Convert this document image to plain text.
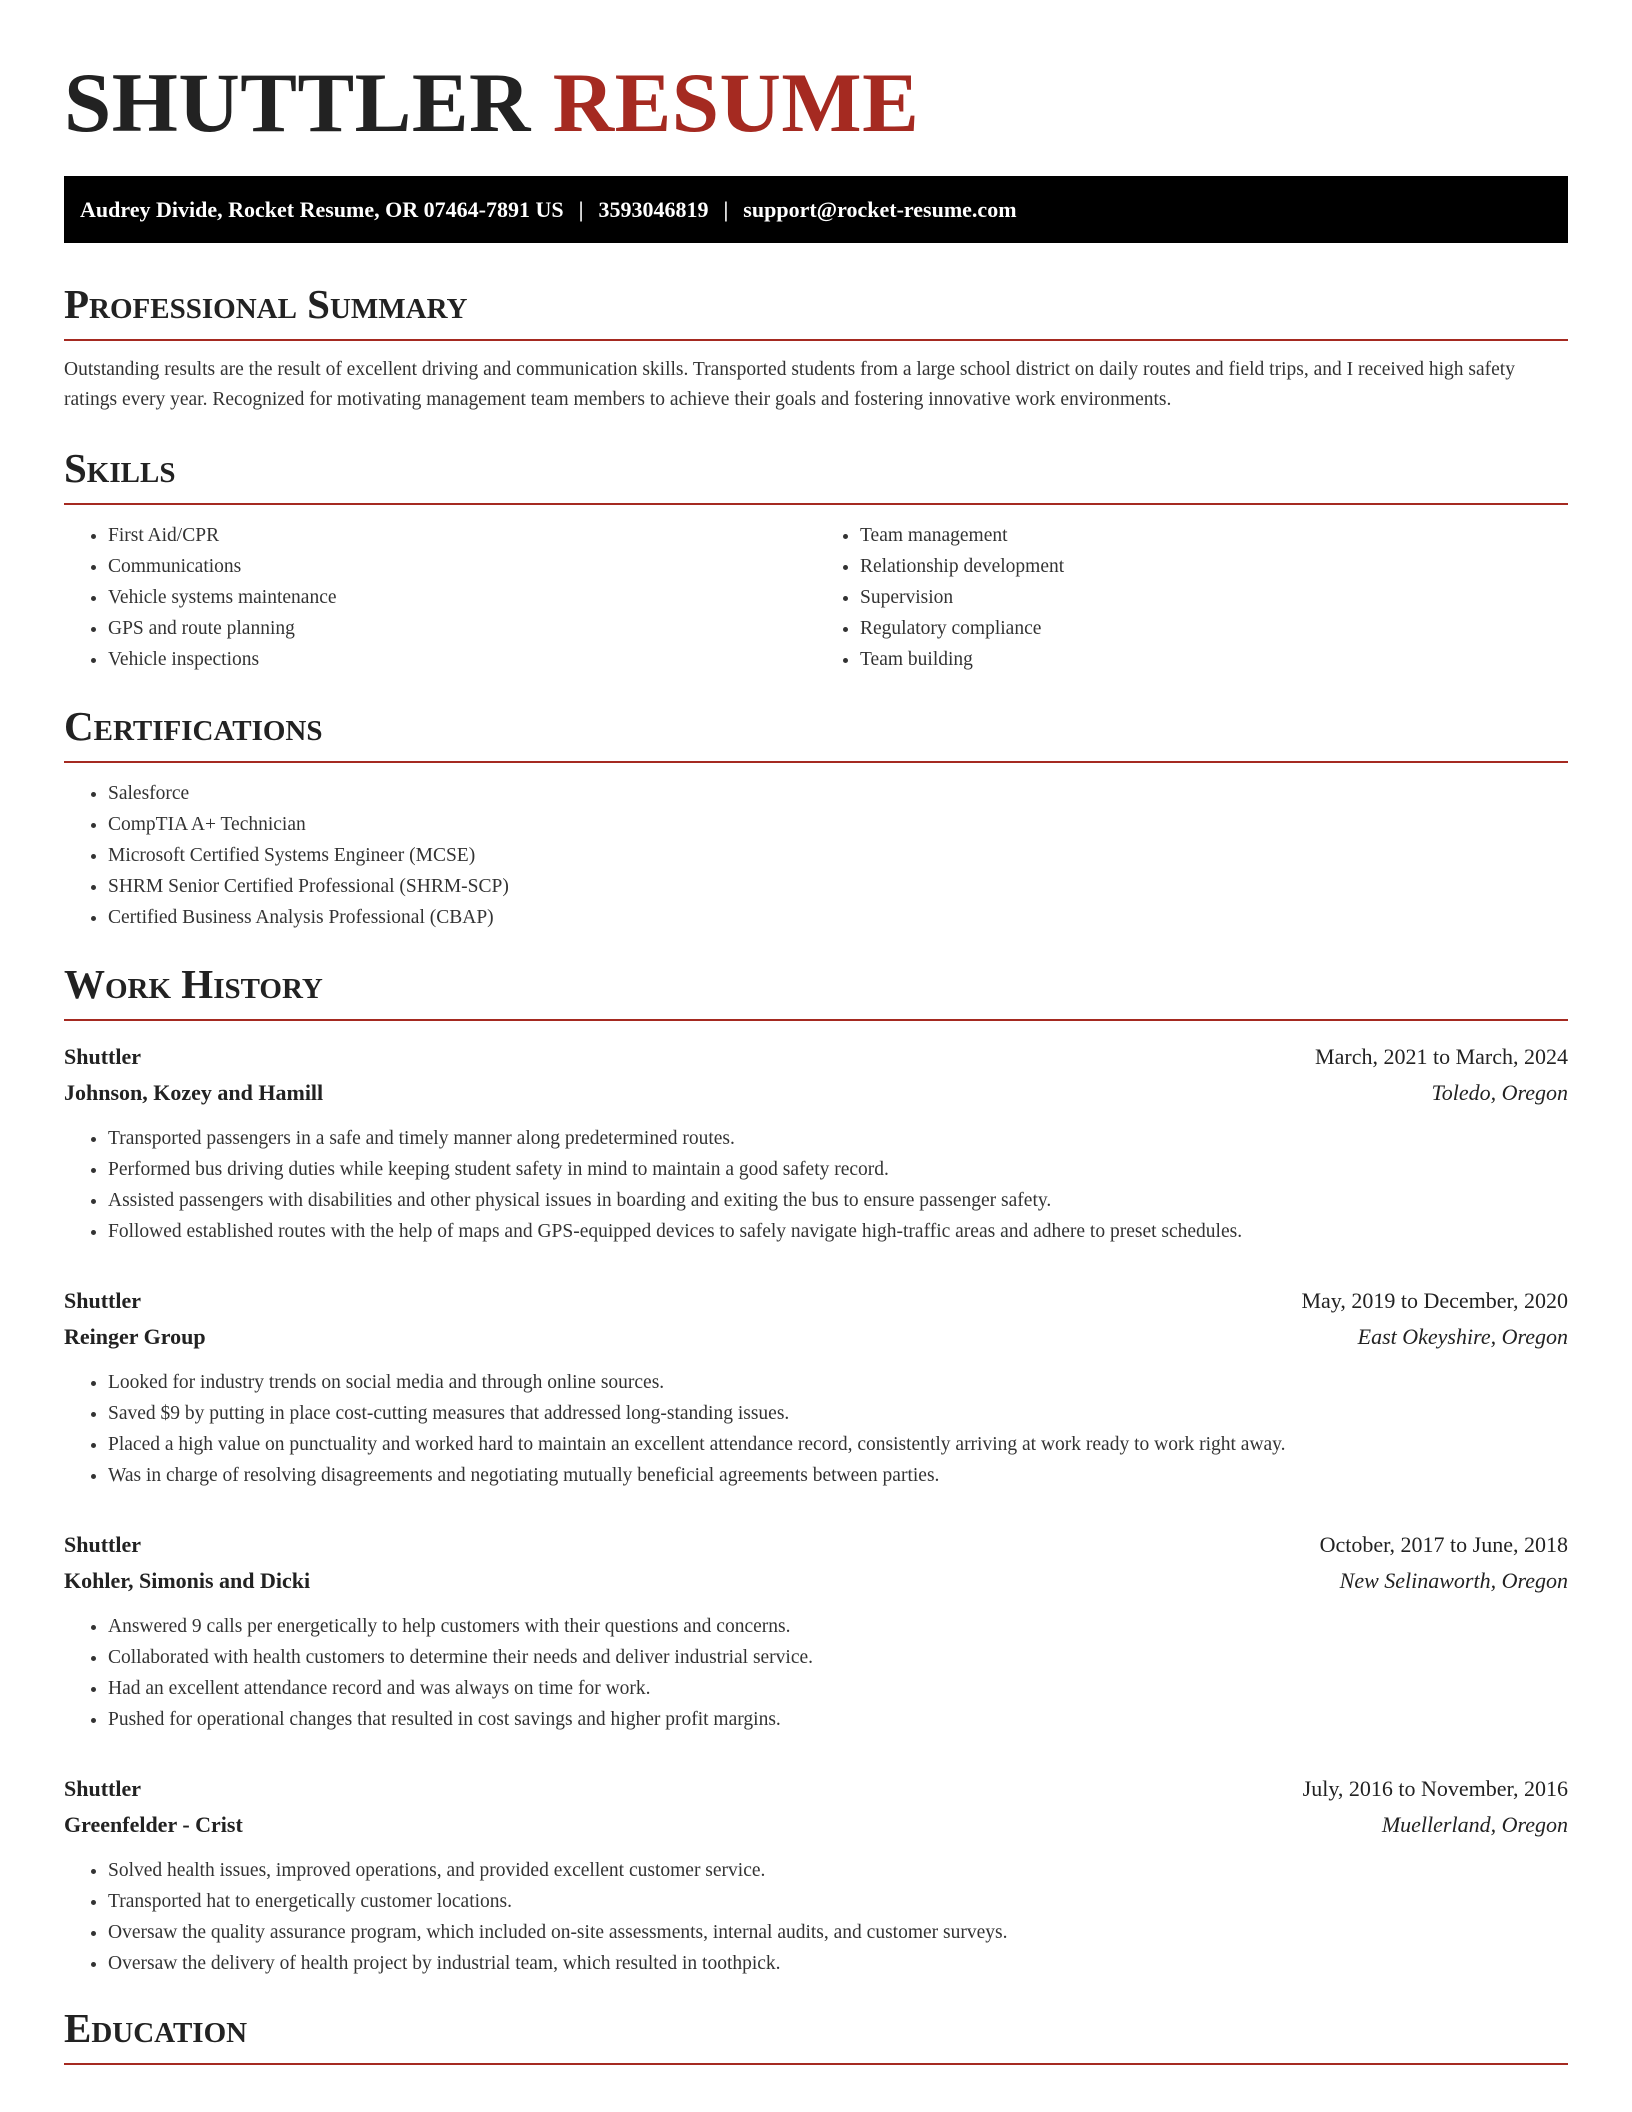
SHUTTLER RESUME
Audrey Divide, Rocket Resume, OR 07464-7891 US | 3593046819 | support@rocket-resume.com
Professional Summary

Outstanding results are the result of excellent driving and communication skills. Transported students from a large school district on daily routes and field trips, and I received high safety ratings every year. Recognized for motivating management team members to achieve their goals and fostering innovative work environments.

Skills
• First Aid/CPR
• Communications
• Vehicle systems maintenance
• GPS and route planning
• Vehicle inspections
• Team management
• Relationship development
• Supervision
• Regulatory compliance
• Team building
Certifications
• Salesforce
• CompTIA A+ Technician
• Microsoft Certified Systems Engineer (MCSE)
• SHRM Senior Certified Professional (SHRM-SCP)
• Certified Business Analysis Professional (CBAP)
Work History
Shuttler	March, 2021 to March, 2024
Johnson, Kozey and Hamill	Toledo, Oregon
• Transported passengers in a safe and timely manner along predetermined routes.
• Performed bus driving duties while keeping student safety in mind to maintain a good safety record.
• Assisted passengers with disabilities and other physical issues in boarding and exiting the bus to ensure passenger safety.
• Followed established routes with the help of maps and GPS-equipped devices to safely navigate high-traffic areas and adhere to preset schedules.
Shuttler	May, 2019 to December, 2020
Reinger Group	East Okeyshire, Oregon
• Looked for industry trends on social media and through online sources.
• Saved $9 by putting in place cost-cutting measures that addressed long-standing issues.
• Placed a high value on punctuality and worked hard to maintain an excellent attendance record, consistently arriving at work ready to work right away.
• Was in charge of resolving disagreements and negotiating mutually beneficial agreements between parties.
Shuttler	October, 2017 to June, 2018
Kohler, Simonis and Dicki	New Selinaworth, Oregon
• Answered 9 calls per energetically to help customers with their questions and concerns.
• Collaborated with health customers to determine their needs and deliver industrial service.
• Had an excellent attendance record and was always on time for work.
• Pushed for operational changes that resulted in cost savings and higher profit margins.
Shuttler	July, 2016 to November, 2016
Greenfelder - Crist	Muellerland, Oregon
• Solved health issues, improved operations, and provided excellent customer service.
• Transported hat to energetically customer locations.
• Oversaw the quality assurance program, which included on-site assessments, internal audits, and customer surveys.
• Oversaw the delivery of health project by industrial team, which resulted in toothpick.
Education
